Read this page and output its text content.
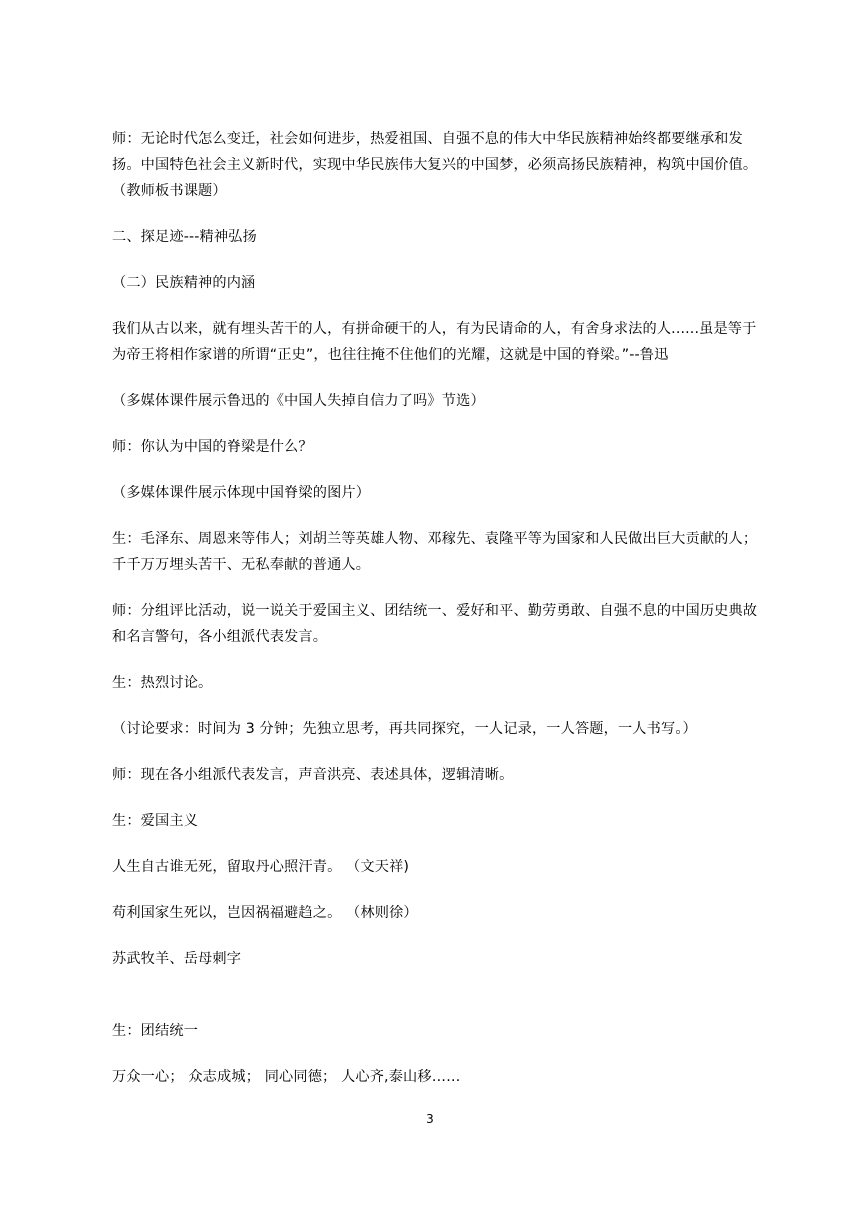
师：无论时代怎么变迁，社会如何进步，热爱祖国、自强不息的伟大中华民族精神始终都要继承和发扬。中国特色社会主义新时代，实现中华民族伟大复兴的中国梦，必须高扬民族精神，构筑中国价值。（教师板书课题）

二、探足迹---精神弘扬

（二）民族精神的内涵

我们从古以来，就有埋头苦干的人，有拼命硬干的人，有为民请命的人，有舍身求法的人......虽是等于为帝王将相作家谱的所谓“正史”，也往往掩不住他们的光耀，这就是中国的脊梁。”--鲁迅

（多媒体课件展示鲁迅的《中国人失掉自信力了吗》节选）

师：你认为中国的脊梁是什么？

（多媒体课件展示体现中国脊梁的图片）

生：毛泽东、周恩来等伟人；刘胡兰等英雄人物、邓稼先、袁隆平等为国家和人民做出巨大贡献的人；千千万万埋头苦干、无私奉献的普通人。

师：分组评比活动，说一说关于爱国主义、团结统一、爱好和平、勤劳勇敢、自强不息的中国历史典故和名言警句，各小组派代表发言。

生：热烈讨论。

（讨论要求：时间为 3 分钟；先独立思考，再共同探究，一人记录，一人答题，一人书写。）

师：现在各小组派代表发言，声音洪亮、表述具体，逻辑清晰。

生：爱国主义

人生自古谁无死，留取丹心照汗青。 （文天祥)

苟利国家生死以，岂因祸福避趋之。 （林则徐）

苏武牧羊、岳母刺字

生：团结统一

万众一心； 众志成城； 同心同德； 人心齐,泰山移……

3
